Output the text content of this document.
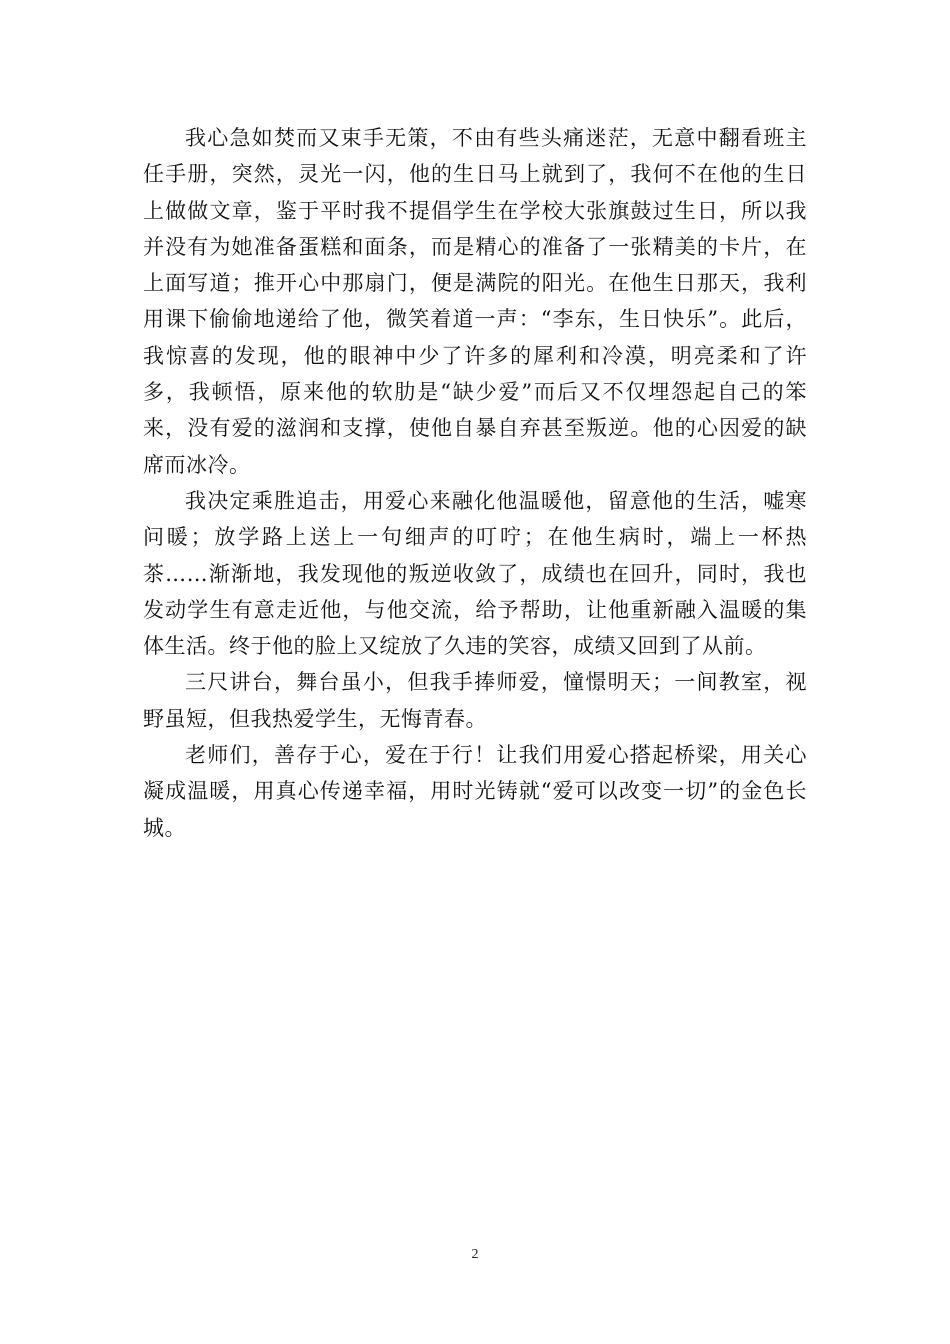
我心急如焚而又束手无策，不由有些头痛迷茫，无意中翻看班主任手册，突然，灵光一闪，他的生日马上就到了，我何不在他的生日上做做文章，鉴于平时我不提倡学生在学校大张旗鼓过生日，所以我并没有为她准备蛋糕和面条，而是精心的准备了一张精美的卡片，在上面写道；推开心中那扇门，便是满院的阳光。在他生日那天，我利用课下偷偷地递给了他，微笑着道一声：“李东，生日快乐”。此后，我惊喜的发现，他的眼神中少了许多的犀利和冷漠，明亮柔和了许多，我顿悟，原来他的软肋是“缺少爱”而后又不仅埋怨起自己的笨来，没有爱的滋润和支撑，使他自暴自弃甚至叛逆。他的心因爱的缺席而冰冷。

我决定乘胜追击，用爱心来融化他温暖他，留意他的生活，嘘寒问暖；放学路上送上一句细声的叮咛；在他生病时，端上一杯热茶……渐渐地，我发现他的叛逆收敛了，成绩也在回升，同时，我也发动学生有意走近他，与他交流，给予帮助，让他重新融入温暖的集体生活。终于他的脸上又绽放了久违的笑容，成绩又回到了从前。

三尺讲台，舞台虽小，但我手捧师爱，憧憬明天；一间教室，视野虽短，但我热爱学生，无悔青春。

老师们，善存于心，爱在于行！让我们用爱心搭起桥梁，用关心凝成温暖，用真心传递幸福，用时光铸就“爱可以改变一切”的金色长城。

2
